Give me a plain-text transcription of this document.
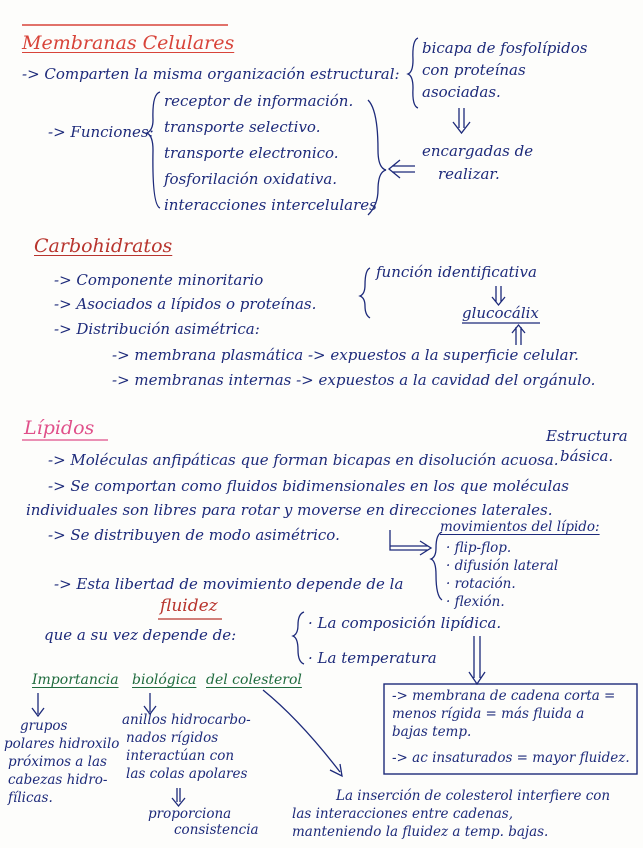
Membranas Celulares
-> Comparten la misma organización estructural:
bicapa de fosfolípidos
con proteínas
asociadas.
-> Funciones:
receptor de información.
transporte selectivo.
transporte electronico.
fosforilación oxidativa.
interacciones intercelulares
encargadas de
realizar.
Carbohidratos
-> Componente minoritario
-> Asociados a lípidos o proteínas.
-> Distribución asimétrica:
-> membrana plasmática -> expuestos a la superficie celular.
-> membranas internas -> expuestos a la cavidad del orgánulo.
función identificativa
glucocálix
Lípidos	Estructura
básica.
-> Moléculas anfipáticas que forman bicapas en disolución acuosa.
-> Se comportan como fluidos bidimensionales en los que moléculas
individuales son libres para rotar y moverse en direcciones laterales.
-> Se distribuyen de modo asimétrico.	movimientos del lípido:
· flip-flop.
· difusión lateral
· rotación.
· flexión.
-> Esta libertad de movimiento depende de la
fluidez
que a su vez depende de:
· La composición lipídica.
· La temperatura
-> membrana de cadena corta =
menos rígida = más fluida a
bajas temp.
-> ac insaturados = mayor fluidez.
Importancia biológica del colesterol
grupos
polares hidroxilo
próximos a las
cabezas hidro-
fílicas.
anillos hidrocarbo-
nados rígidos
interactúan con
las colas apolares
proporciona
consistencia
La inserción de colesterol interfiere con
las interacciones entre cadenas,
manteniendo la fluidez a temp. bajas.
